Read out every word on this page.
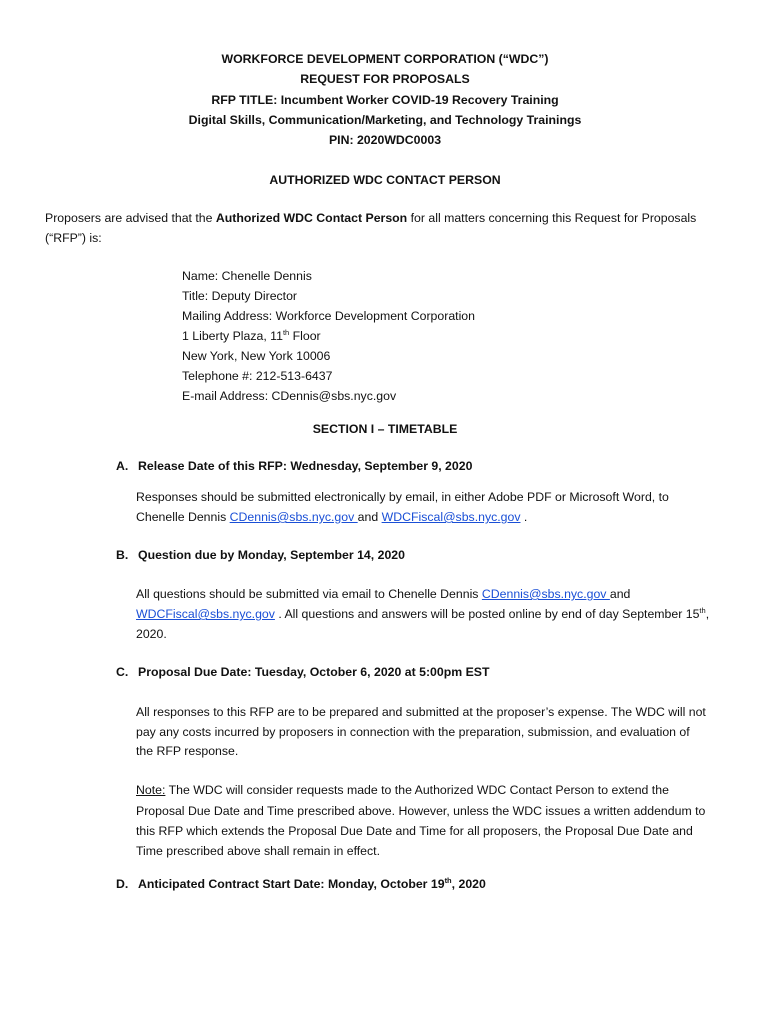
WORKFORCE DEVELOPMENT CORPORATION (“WDC”)
REQUEST FOR PROPOSALS
RFP TITLE: Incumbent Worker COVID-19 Recovery Training
Digital Skills, Communication/Marketing, and Technology Trainings
PIN: 2020WDC0003
AUTHORIZED WDC CONTACT PERSON
Proposers are advised that the Authorized WDC Contact Person for all matters concerning this Request for Proposals
(“RFP”) is:
Name: Chenelle Dennis
Title: Deputy Director
Mailing Address: Workforce Development Corporation
1 Liberty Plaza, 11th Floor
New York, New York 10006
Telephone #: 212-513-6437
E-mail Address: CDennis@sbs.nyc.gov
SECTION I – TIMETABLE
A. Release Date of this RFP: Wednesday, September 9, 2020
Responses should be submitted electronically by email, in either Adobe PDF or Microsoft Word, to
Chenelle Dennis CDennis@sbs.nyc.gov and WDCFiscal@sbs.nyc.gov .
B. Question due by Monday, September 14, 2020
All questions should be submitted via email to Chenelle Dennis CDennis@sbs.nyc.gov and
WDCFiscal@sbs.nyc.gov . All questions and answers will be posted online by end of day September 15th,
2020.
C. Proposal Due Date: Tuesday, October 6, 2020 at 5:00pm EST
All responses to this RFP are to be prepared and submitted at the proposer’s expense. The WDC will not
pay any costs incurred by proposers in connection with the preparation, submission, and evaluation of
the RFP response.
Note: The WDC will consider requests made to the Authorized WDC Contact Person to extend the
Proposal Due Date and Time prescribed above. However, unless the WDC issues a written addendum to
this RFP which extends the Proposal Due Date and Time for all proposers, the Proposal Due Date and
Time prescribed above shall remain in effect.
D. Anticipated Contract Start Date: Monday, October 19th, 2020
